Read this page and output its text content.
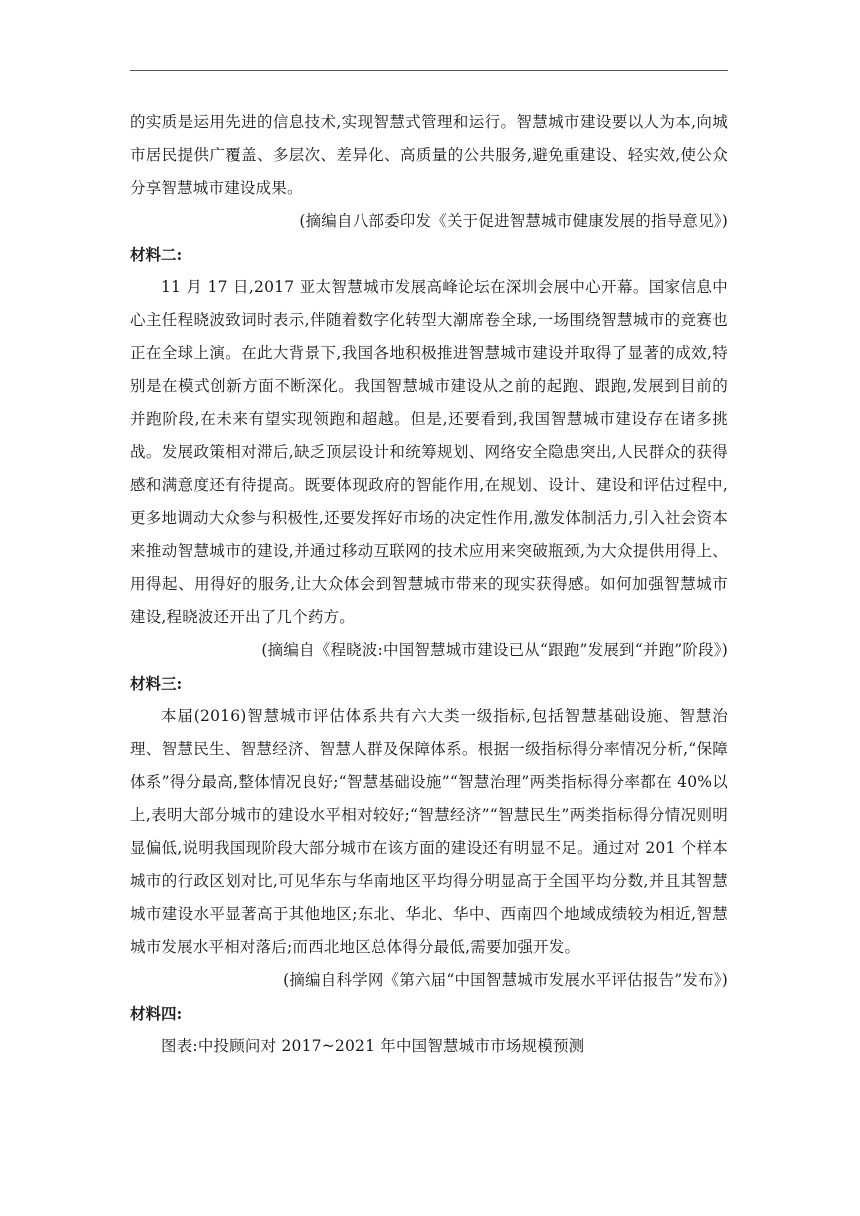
的实质是运用先进的信息技术,实现智慧式管理和运行。智慧城市建设要以人为本,向城市居民提供广覆盖、多层次、差异化、高质量的公共服务,避免重建设、轻实效,使公众分享智慧城市建设成果。

(摘编自八部委印发《关于促进智慧城市健康发展的指导意见》)

材料二:

11 月 17 日,2017 亚太智慧城市发展高峰论坛在深圳会展中心开幕。国家信息中心主任程晓波致词时表示,伴随着数字化转型大潮席卷全球,一场围绕智慧城市的竞赛也正在全球上演。在此大背景下,我国各地积极推进智慧城市建设并取得了显著的成效,特别是在模式创新方面不断深化。我国智慧城市建设从之前的起跑、跟跑,发展到目前的并跑阶段,在未来有望实现领跑和超越。但是,还要看到,我国智慧城市建设存在诸多挑战。发展政策相对滞后,缺乏顶层设计和统筹规划、网络安全隐患突出,人民群众的获得感和满意度还有待提高。既要体现政府的智能作用,在规划、设计、建设和评估过程中,更多地调动大众参与积极性,还要发挥好市场的决定性作用,激发体制活力,引入社会资本来推动智慧城市的建设,并通过移动互联网的技术应用来突破瓶颈,为大众提供用得上、用得起、用得好的服务,让大众体会到智慧城市带来的现实获得感。如何加强智慧城市建设,程晓波还开出了几个药方。

(摘编自《程晓波:中国智慧城市建设已从“跟跑”发展到“并跑”阶段》)

材料三:

本届(2016)智慧城市评估体系共有六大类一级指标,包括智慧基础设施、智慧治理、智慧民生、智慧经济、智慧人群及保障体系。根据一级指标得分率情况分析,“保障体系”得分最高,整体情况良好;“智慧基础设施”“智慧治理”两类指标得分率都在 40%以上,表明大部分城市的建设水平相对较好;“智慧经济”“智慧民生”两类指标得分情况则明显偏低,说明我国现阶段大部分城市在该方面的建设还有明显不足。通过对 201 个样本城市的行政区划对比,可见华东与华南地区平均得分明显高于全国平均分数,并且其智慧城市建设水平显著高于其他地区;东北、华北、华中、西南四个地域成绩较为相近,智慧城市发展水平相对落后;而西北地区总体得分最低,需要加强开发。

(摘编自科学网《第六届“中国智慧城市发展水平评估报告”发布》)

材料四:

图表:中投顾问对 2017~2021 年中国智慧城市市场规模预测
